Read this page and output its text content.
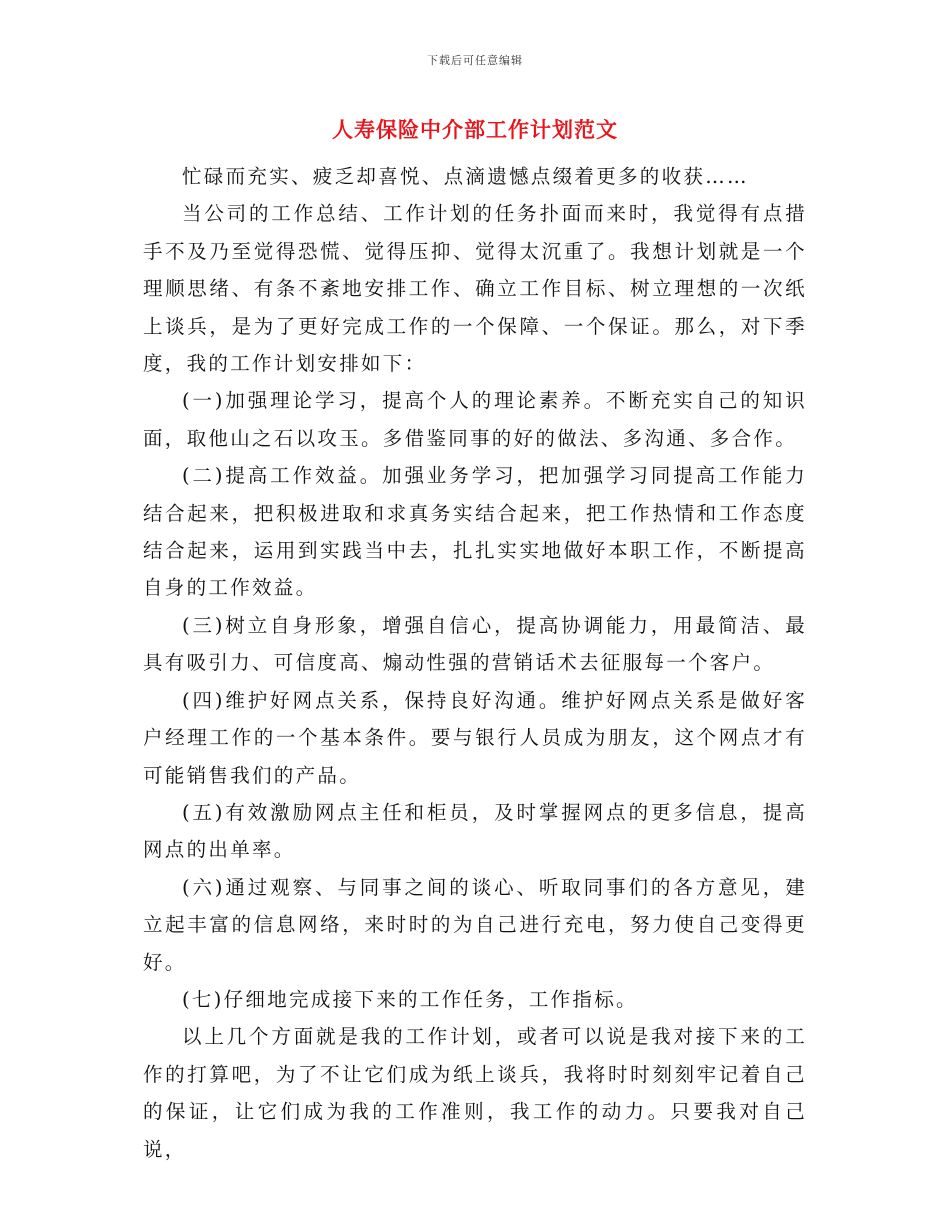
下载后可任意编辑
人寿保险中介部工作计划范文

忙碌而充实、疲乏却喜悦、点滴遗憾点缀着更多的收获……

当公司的工作总结、工作计划的任务扑面而来时，我觉得有点措手不及乃至觉得恐慌、觉得压抑、觉得太沉重了。我想计划就是一个理顺思绪、有条不紊地安排工作、确立工作目标、树立理想的一次纸上谈兵，是为了更好完成工作的一个保障、一个保证。那么，对下季度，我的工作计划安排如下：

(一)加强理论学习，提高个人的理论素养。不断充实自己的知识面，取他山之石以攻玉。多借鉴同事的好的做法、多沟通、多合作。

(二)提高工作效益。加强业务学习，把加强学习同提高工作能力结合起来，把积极进取和求真务实结合起来，把工作热情和工作态度结合起来，运用到实践当中去，扎扎实实地做好本职工作，不断提高自身的工作效益。

(三)树立自身形象，增强自信心，提高协调能力，用最简洁、最具有吸引力、可信度高、煽动性强的营销话术去征服每一个客户。

(四)维护好网点关系，保持良好沟通。维护好网点关系是做好客户经理工作的一个基本条件。要与银行人员成为朋友，这个网点才有可能销售我们的产品。

(五)有效激励网点主任和柜员，及时掌握网点的更多信息，提高网点的出单率。

(六)通过观察、与同事之间的谈心、听取同事们的各方意见，建立起丰富的信息网络，来时时的为自己进行充电，努力使自己变得更好。

(七)仔细地完成接下来的工作任务，工作指标。

以上几个方面就是我的工作计划，或者可以说是我对接下来的工作的打算吧，为了不让它们成为纸上谈兵，我将时时刻刻牢记着自己的保证，让它们成为我的工作准则，我工作的动力。只要我对自己说，
